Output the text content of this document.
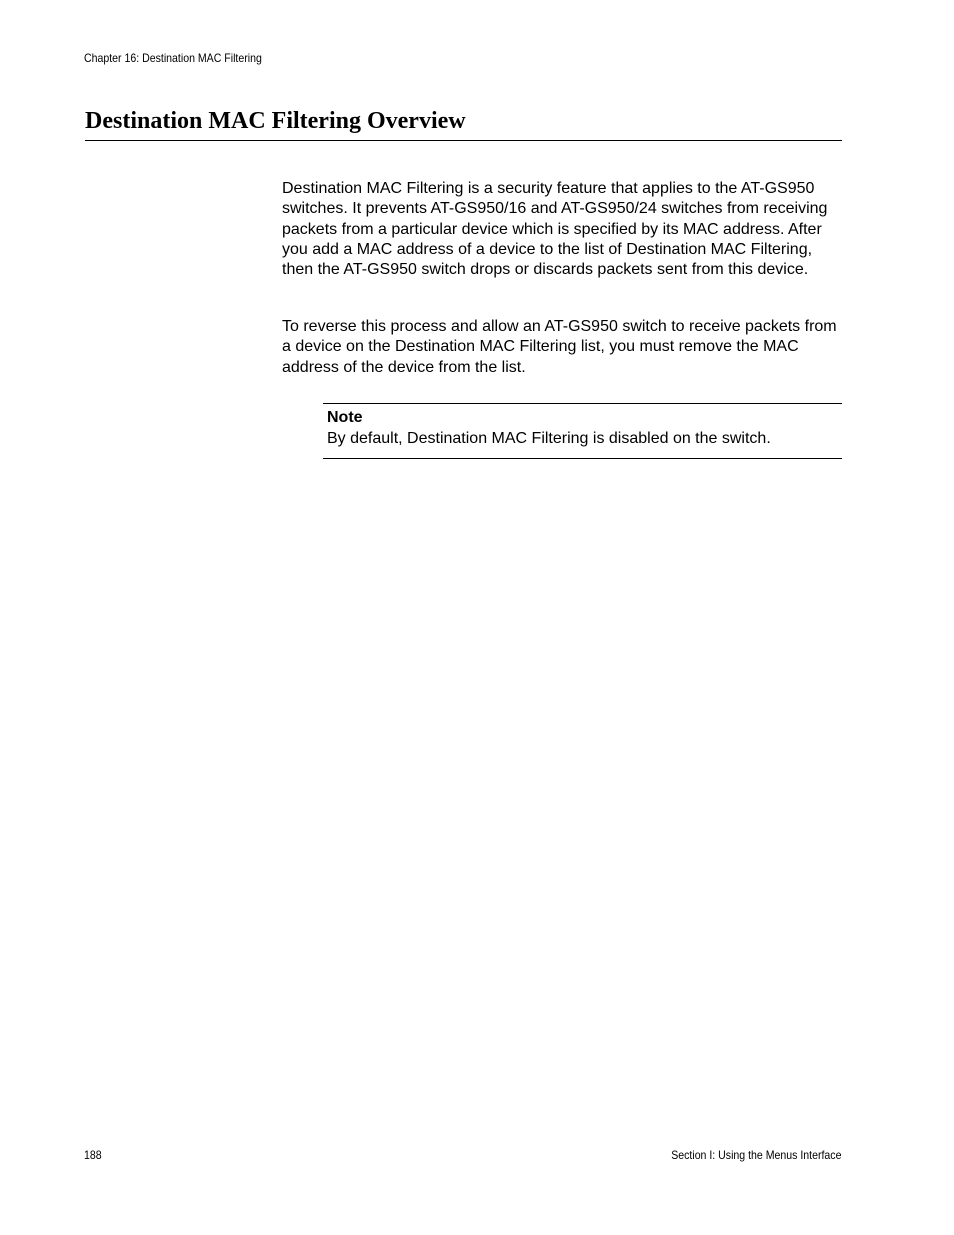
Chapter 16: Destination MAC Filtering
Destination MAC Filtering Overview

Destination MAC Filtering is a security feature that applies to the AT-GS950 switches. It prevents AT-GS950/16 and AT-GS950/24 switches from receiving packets from a particular device which is specified by its MAC address. After you add a MAC address of a device to the list of Destination MAC Filtering, then the AT-GS950 switch drops or discards packets sent from this device.

To reverse this process and allow an AT-GS950 switch to receive packets from a device on the Destination MAC Filtering list, you must remove the MAC address of the device from the list.

Note
By default, Destination MAC Filtering is disabled on the switch.
188	Section I: Using the Menus Interface
